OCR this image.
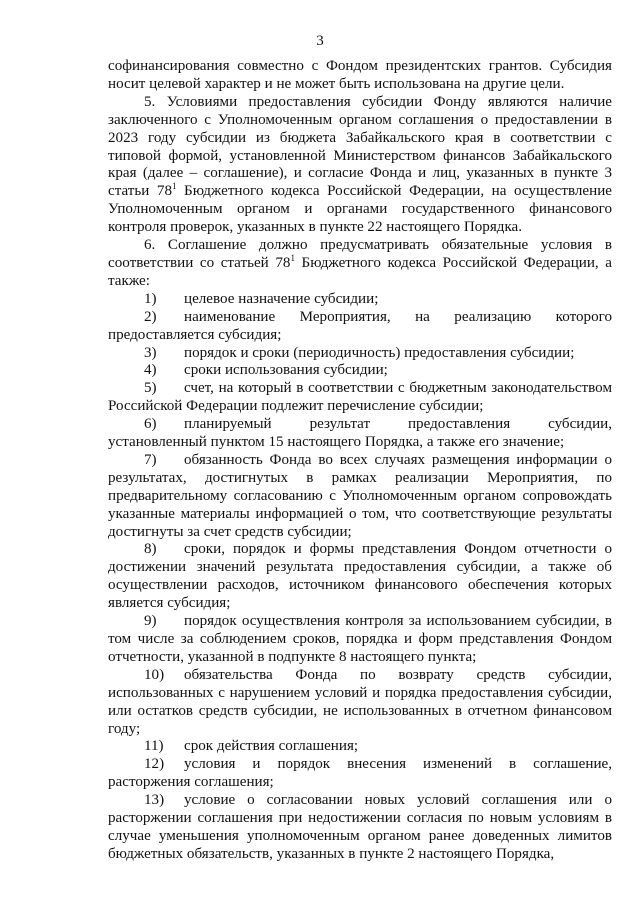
3

софинансирования совместно с Фондом президентских грантов. Субсидия носит целевой характер и не может быть использована на другие цели.

5. Условиями предоставления субсидии Фонду являются наличие заключенного с Уполномоченным органом соглашения о предоставлении в 2023 году субсидии из бюджета Забайкальского края в соответствии с типовой формой, установленной Министерством финансов Забайкальского края (далее – соглашение), и согласие Фонда и лиц, указанных в пункте 3 статьи $78^1$ Бюджетного кодекса Российской Федерации, на осуществление Уполномоченным органом и органами государственного финансового контроля проверок, указанных в пункте 22 настоящего Порядка.

6. Соглашение должно предусматривать обязательные условия в соответствии со статьей $78^1$ Бюджетного кодекса Российской Федерации, а также:

1) целевое назначение субсидии;

2) наименование Мероприятия, на реализацию которого предоставляется субсидия;

3) порядок и сроки (периодичность) предоставления субсидии;

4) сроки использования субсидии;

5) счет, на который в соответствии с бюджетным законодательством Российской Федерации подлежит перечисление субсидии;

6) планируемый результат предоставления субсидии, установленный пунктом 15 настоящего Порядка, а также его значение;

7) обязанность Фонда во всех случаях размещения информации о результатах, достигнутых в рамках реализации Мероприятия, по предварительному согласованию с Уполномоченным органом сопровождать указанные материалы информацией о том, что соответствующие результаты достигнуты за счет средств субсидии;

8) сроки, порядок и формы представления Фондом отчетности о достижении значений результата предоставления субсидии, а также об осуществлении расходов, источником финансового обеспечения которых является субсидия;

9) порядок осуществления контроля за использованием субсидии, в том числе за соблюдением сроков, порядка и форм представления Фондом отчетности, указанной в подпункте 8 настоящего пункта;

10) обязательства Фонда по возврату средств субсидии, использованных с нарушением условий и порядка предоставления субсидии, или остатков средств субсидии, не использованных в отчетном финансовом году;

11) срок действия соглашения;

12) условия и порядок внесения изменений в соглашение, расторжения соглашения;

13) условие о согласовании новых условий соглашения или о расторжении соглашения при недостижении согласия по новым условиям в случае уменьшения уполномоченным органом ранее доведенных лимитов бюджетных обязательств, указанных в пункте 2 настоящего Порядка,
